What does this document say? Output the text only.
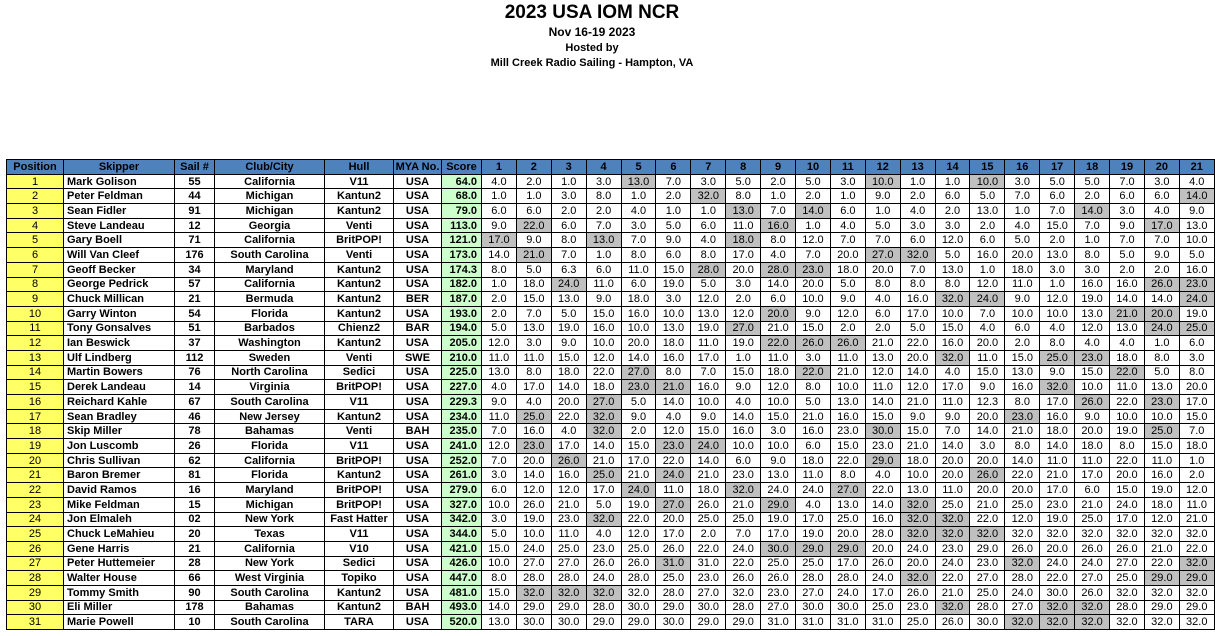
2023 USA IOM NCR
Nov 16-19 2023
Hosted by
Mill Creek Radio Sailing - Hampton, VA
Position	Skipper	Sail #	Club/City	Hull	MYA No.	Score	1	2	3	4	5	6	7	8	9	10	11	12	13	14	15	16	17	18	19	20	21
1	Mark Golison	55	California	V11	USA	64.0	4.0	2.0	1.0	3.0	13.0	7.0	3.0	5.0	2.0	5.0	3.0	10.0	1.0	1.0	10.0	3.0	5.0	5.0	7.0	3.0	4.0
2	Peter Feldman	44	Michigan	Kantun2	USA	68.0	1.0	1.0	3.0	8.0	1.0	2.0	32.0	8.0	1.0	2.0	1.0	9.0	2.0	6.0	5.0	7.0	6.0	2.0	6.0	6.0	14.0
3	Sean Fidler	91	Michigan	Kantun2	USA	79.0	6.0	6.0	2.0	2.0	4.0	1.0	1.0	13.0	7.0	14.0	6.0	1.0	4.0	2.0	13.0	1.0	7.0	14.0	3.0	4.0	9.0
4	Steve Landeau	12	Georgia	Venti	USA	113.0	9.0	22.0	6.0	7.0	3.0	5.0	6.0	11.0	16.0	1.0	4.0	5.0	3.0	3.0	2.0	4.0	15.0	7.0	9.0	17.0	13.0
5	Gary Boell	71	California	BritPOP!	USA	121.0	17.0	9.0	8.0	13.0	7.0	9.0	4.0	18.0	8.0	12.0	7.0	7.0	6.0	12.0	6.0	5.0	2.0	1.0	7.0	7.0	10.0
6	Will Van Cleef	176	South Carolina	Venti	USA	173.0	14.0	21.0	7.0	1.0	8.0	6.0	8.0	17.0	4.0	7.0	20.0	27.0	32.0	5.0	16.0	20.0	13.0	8.0	5.0	9.0	5.0
7	Geoff Becker	34	Maryland	Kantun2	USA	174.3	8.0	5.0	6.3	6.0	11.0	15.0	28.0	20.0	28.0	23.0	18.0	20.0	7.0	13.0	1.0	18.0	3.0	3.0	2.0	2.0	16.0
8	George Pedrick	57	California	Kantun2	USA	182.0	1.0	18.0	24.0	11.0	6.0	19.0	5.0	3.0	14.0	20.0	5.0	8.0	8.0	8.0	12.0	11.0	1.0	16.0	16.0	26.0	23.0
9	Chuck Millican	21	Bermuda	Kantun2	BER	187.0	2.0	15.0	13.0	9.0	18.0	3.0	12.0	2.0	6.0	10.0	9.0	4.0	16.0	32.0	24.0	9.0	12.0	19.0	14.0	14.0	24.0
10	Garry Winton	54	Florida	Kantun2	USA	193.0	2.0	7.0	5.0	15.0	16.0	10.0	13.0	12.0	20.0	9.0	12.0	6.0	17.0	10.0	7.0	10.0	10.0	13.0	21.0	20.0	19.0
11	Tony Gonsalves	51	Barbados	Chienz2	BAR	194.0	5.0	13.0	19.0	16.0	10.0	13.0	19.0	27.0	21.0	15.0	2.0	2.0	5.0	15.0	4.0	6.0	4.0	12.0	13.0	24.0	25.0
12	Ian Beswick	37	Washington	Kantun2	USA	205.0	12.0	3.0	9.0	10.0	20.0	18.0	11.0	19.0	22.0	26.0	26.0	21.0	22.0	16.0	20.0	2.0	8.0	4.0	4.0	1.0	6.0
13	Ulf Lindberg	112	Sweden	Venti	SWE	210.0	11.0	11.0	15.0	12.0	14.0	16.0	17.0	1.0	11.0	3.0	11.0	13.0	20.0	32.0	11.0	15.0	25.0	23.0	18.0	8.0	3.0
14	Martin Bowers	76	North Carolina	Sedici	USA	225.0	13.0	8.0	18.0	22.0	27.0	8.0	7.0	15.0	18.0	22.0	21.0	12.0	14.0	4.0	15.0	13.0	9.0	15.0	22.0	5.0	8.0
15	Derek Landeau	14	Virginia	BritPOP!	USA	227.0	4.0	17.0	14.0	18.0	23.0	21.0	16.0	9.0	12.0	8.0	10.0	11.0	12.0	17.0	9.0	16.0	32.0	10.0	11.0	13.0	20.0
16	Reichard Kahle	67	South Carolina	V11	USA	229.3	9.0	4.0	20.0	27.0	5.0	14.0	10.0	4.0	10.0	5.0	13.0	14.0	21.0	11.0	12.3	8.0	17.0	26.0	22.0	23.0	17.0
17	Sean Bradley	46	New Jersey	Kantun2	USA	234.0	11.0	25.0	22.0	32.0	9.0	4.0	9.0	14.0	15.0	21.0	16.0	15.0	9.0	9.0	20.0	23.0	16.0	9.0	10.0	10.0	15.0
18	Skip Miller	78	Bahamas	Venti	BAH	235.0	7.0	16.0	4.0	32.0	2.0	12.0	15.0	16.0	3.0	16.0	23.0	30.0	15.0	7.0	14.0	21.0	18.0	20.0	19.0	25.0	7.0
19	Jon Luscomb	26	Florida	V11	USA	241.0	12.0	23.0	17.0	14.0	15.0	23.0	24.0	10.0	10.0	6.0	15.0	23.0	21.0	14.0	3.0	8.0	14.0	18.0	8.0	15.0	18.0
20	Chris Sullivan	62	California	BritPOP!	USA	252.0	7.0	20.0	26.0	21.0	17.0	22.0	14.0	6.0	9.0	18.0	22.0	29.0	18.0	20.0	20.0	14.0	11.0	11.0	22.0	11.0	1.0
21	Baron Bremer	81	Florida	Kantun2	USA	261.0	3.0	14.0	16.0	25.0	21.0	24.0	21.0	23.0	13.0	11.0	8.0	4.0	10.0	20.0	26.0	22.0	21.0	17.0	20.0	16.0	2.0
22	David Ramos	16	Maryland	BritPOP!	USA	279.0	6.0	12.0	12.0	17.0	24.0	11.0	18.0	32.0	24.0	24.0	27.0	22.0	13.0	11.0	20.0	20.0	17.0	6.0	15.0	19.0	12.0
23	Mike Feldman	15	Michigan	BritPOP!	USA	327.0	10.0	26.0	21.0	5.0	19.0	27.0	26.0	21.0	29.0	4.0	13.0	14.0	32.0	25.0	21.0	25.0	23.0	21.0	24.0	18.0	11.0
24	Jon Elmaleh	02	New York	Fast Hatter	USA	342.0	3.0	19.0	23.0	32.0	22.0	20.0	25.0	25.0	19.0	17.0	25.0	16.0	32.0	32.0	22.0	12.0	19.0	25.0	17.0	12.0	21.0
25	Chuck LeMahieu	20	Texas	V11	USA	344.0	5.0	10.0	11.0	4.0	12.0	17.0	2.0	7.0	17.0	19.0	20.0	28.0	32.0	32.0	32.0	32.0	32.0	32.0	32.0	32.0	32.0
26	Gene Harris	21	California	V10	USA	421.0	15.0	24.0	25.0	23.0	25.0	26.0	22.0	24.0	30.0	29.0	29.0	20.0	24.0	23.0	29.0	26.0	20.0	26.0	26.0	21.0	22.0
27	Peter Huttemeier	28	New York	Sedici	USA	426.0	10.0	27.0	27.0	26.0	26.0	31.0	31.0	22.0	25.0	25.0	17.0	26.0	20.0	24.0	23.0	32.0	24.0	24.0	27.0	22.0	32.0
28	Walter House	66	West Virginia	Topiko	USA	447.0	8.0	28.0	28.0	24.0	28.0	25.0	23.0	26.0	26.0	28.0	28.0	24.0	32.0	22.0	27.0	28.0	22.0	27.0	25.0	29.0	29.0
29	Tommy Smith	90	South Carolina	Kantun2	USA	481.0	15.0	32.0	32.0	32.0	32.0	28.0	27.0	32.0	23.0	27.0	24.0	17.0	26.0	21.0	25.0	24.0	30.0	26.0	32.0	32.0	32.0
30	Eli Miller	178	Bahamas	Kantun2	BAH	493.0	14.0	29.0	29.0	28.0	30.0	29.0	30.0	28.0	27.0	30.0	30.0	25.0	23.0	32.0	28.0	27.0	32.0	32.0	28.0	29.0	29.0
31	Marie Powell	10	South Carolina	TARA	USA	520.0	13.0	30.0	30.0	29.0	29.0	30.0	29.0	29.0	31.0	31.0	31.0	31.0	25.0	26.0	30.0	32.0	32.0	32.0	32.0	32.0	32.0
